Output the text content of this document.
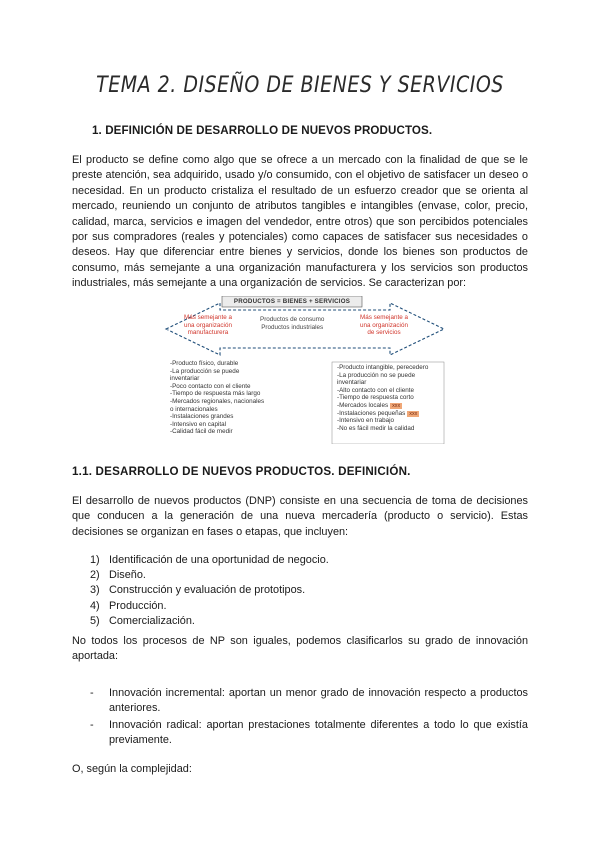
TEMA 2. DISEÑO DE BIENES Y SERVICIOS
1. DEFINICIÓN DE DESARROLLO DE NUEVOS PRODUCTOS.

El producto se define como algo que se ofrece a un mercado con la finalidad de que se le preste atención, sea adquirido, usado y/o consumido, con el objetivo de satisfacer un deseo o necesidad. En un producto cristaliza el resultado de un esfuerzo creador que se orienta al mercado, reuniendo un conjunto de atributos tangibles e intangibles (envase, color, precio, calidad, marca, servicios e imagen del vendedor, entre otros) que son percibidos potenciales por sus compradores (reales y potenciales) como capaces de satisfacer sus necesidades o deseos. Hay que diferenciar entre bienes y servicios, donde los bienes son productos de consumo, más semejante a una organización manufacturera y los servicios son productos industriales, más semejante a una organización de servicios. Se caracterizan por:

PRODUCTOS = BIENES + SERVICIOS
Más semejante a
una organización
manufacturera
Productos de consumo
Productos industriales
Más semejante a
una organización
de servicios
-Producto físico, durable
-La producción se puede
inventariar
-Poco contacto con el cliente
-Tiempo de respuesta más largo
-Mercados regionales, nacionales
o internacionales
-Instalaciones grandes
-Intensivo en capital
-Calidad fácil de medir
-Producto intangible, perecedero
-La producción no se puede
inventariar
-Alto contacto con el cliente
-Tiempo de respuesta corto
-Mercados locales xxx
-Instalaciones pequeñas xxx
-Intensivo en trabajo
-No es fácil medir la calidad
1.1. DESARROLLO DE NUEVOS PRODUCTOS. DEFINICIÓN.

El desarrollo de nuevos productos (DNP) consiste en una secuencia de toma de decisiones que conducen a la generación de una nueva mercadería (producto o servicio). Estas decisiones se organizan en fases o etapas, que incluyen:

1) Identificación de una oportunidad de negocio.
2) Diseño.
3) Construcción y evaluación de prototipos.
4) Producción.
5) Comercialización.

No todos los procesos de NP son iguales, podemos clasificarlos su grado de innovación aportada:

-	Innovación incremental: aportan un menor grado de innovación respecto a productos anteriores.
-	Innovación radical: aportan prestaciones totalmente diferentes a todo lo que existía previamente.

O, según la complejidad:
